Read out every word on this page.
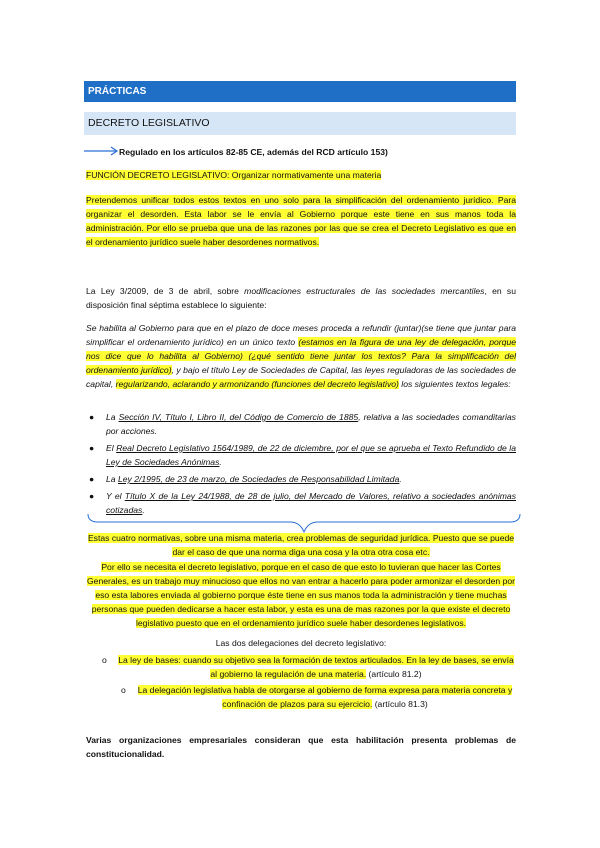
PRÁCTICAS
DECRETO LEGISLATIVO
Regulado en los artículos 82-85 CE, además del RCD artículo 153)
FUNCIÓN DECRETO LEGISLATIVO: Organizar normativamente una materia
Pretendemos unificar todos estos textos en uno solo para la simplificación del ordenamiento jurídico. Para organizar el desorden. Esta labor se le envía al Gobierno porque este tiene en sus manos toda la administración. Por ello se prueba que una de las razones por las que se crea el Decreto Legislativo es que en el ordenamiento jurídico suele haber desordenes normativos.
La Ley 3/2009, de 3 de abril, sobre modificaciones estructurales de las sociedades mercantiles, en su disposición final séptima establece lo siguiente:
Se habilita al Gobierno para que en el plazo de doce meses proceda a refundir (juntar)(se tiene que juntar para simplificar el ordenamiento jurídico) en un único texto (estamos en la figura de una ley de delegación, porque nos dice que lo habilita al Gobierno) (¿qué sentido tiene juntar los textos? Para la simplificación del ordenamiento jurídico), y bajo el título Ley de Sociedades de Capital, las leyes reguladoras de las sociedades de capital, regularizando, aclarando y armonizando (funciones del decreto legislativo) los siguientes textos legales:
● La Sección IV, Título I, Libro II, del Código de Comercio de 1885, relativa a las sociedades comanditarias por acciones.
● El Real Decreto Legislativo 1564/1989, de 22 de diciembre, por el que se aprueba el Texto Refundido de la Ley de Sociedades Anónimas.
● La Ley 2/1995, de 23 de marzo, de Sociedades de Responsabilidad Limitada.
● Y el Título X de la Ley 24/1988, de 28 de julio, del Mercado de Valores, relativo a sociedades anónimas cotizadas.
Estas cuatro normativas, sobre una misma materia, crea problemas de seguridad jurídica. Puesto que se puede dar el caso de que una norma diga una cosa y la otra otra cosa etc.
Por ello se necesita el decreto legislativo, porque en el caso de que esto lo tuvieran que hacer las Cortes Generales, es un trabajo muy minucioso que ellos no van entrar a hacerlo para poder armonizar el desorden por eso esta labores enviada al gobierno porque éste tiene en sus manos toda la administración y tiene muchas personas que pueden dedicarse a hacer esta labor, y esta es una de mas razones por la que existe el decreto legislativo puesto que en el ordenamiento jurídico suele haber desordenes legislativos.
Las dos delegaciones del decreto legislativo:
o La ley de bases: cuando su objetivo sea la formación de textos articulados. En la ley de bases, se envía al gobierno la regulación de una materia. (artículo 81.2)
o	La delegación legislativa habla de otorgarse al gobierno de forma expresa para materia concreta y confinación de plazos para su ejercicio. (artículo 81.3)
Varias organizaciones empresariales consideran que esta habilitación presenta problemas de constitucionalidad.
